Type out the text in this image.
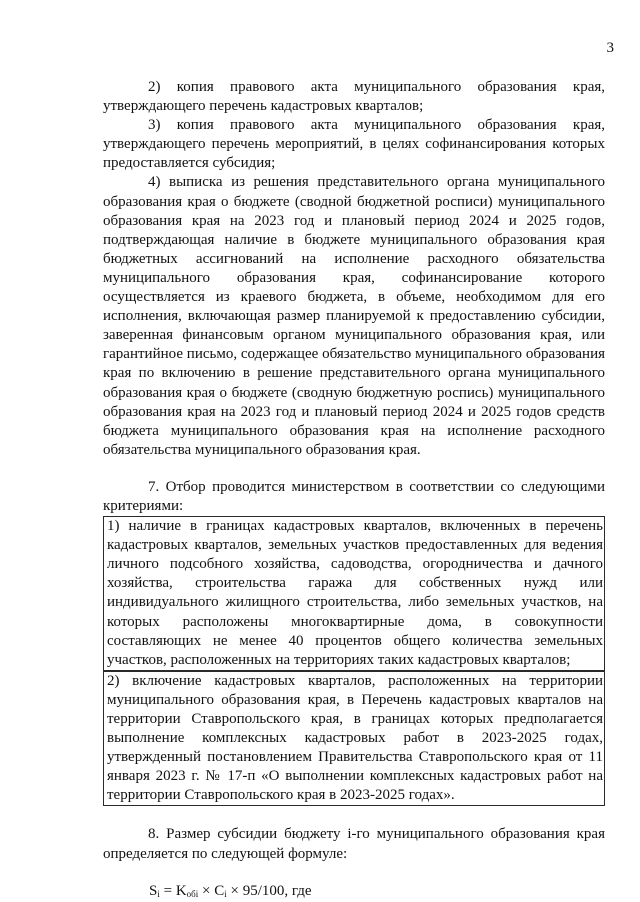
3

2) копия правового акта муниципального образования края, утверждающего перечень кадастровых кварталов;

3) копия правового акта муниципального образования края, утверждающего перечень мероприятий, в целях софинансирования которых предоставляется субсидия;

4) выписка из решения представительного органа муниципального образования края о бюджете (сводной бюджетной росписи) муниципального образования края на 2023 год и плановый период 2024 и 2025 годов, подтверждающая наличие в бюджете муниципального образования края бюджетных ассигнований на исполнение расходного обязательства муниципального образования края, софинансирование которого осуществляется из краевого бюджета, в объеме, необходимом для его исполнения, включающая размер планируемой к предоставлению субсидии, заверенная финансовым органом муниципального образования края, или гарантийное письмо, содержащее обязательство муниципального образования края по включению в решение представительного органа муниципального образования края о бюджете (сводную бюджетную роспись) муниципального образования края на 2023 год и плановый период 2024 и 2025 годов средств бюджета муниципального образования края на исполнение расходного обязательства муниципального образования края.

7. Отбор проводится министерством в соответствии со следующими критериями:

1) наличие в границах кадастровых кварталов, включенных в перечень кадастровых кварталов, земельных участков предоставленных для ведения личного подсобного хозяйства, садоводства, огородничества и дачного хозяйства, строительства гаража для собственных нужд или индивидуального жилищного строительства, либо земельных участков, на которых расположены многоквартирные дома, в совокупности составляющих не менее 40 процентов общего количества земельных участков, расположенных на территориях таких кадастровых кварталов;

2) включение кадастровых кварталов, расположенных на территории муниципального образования края, в Перечень кадастровых кварталов на территории Ставропольского края, в границах которых предполагается выполнение комплексных кадастровых работ в 2023-2025 годах, утвержденный постановлением Правительства Ставропольского края от 11 января 2023 г. № 17-п «О выполнении комплексных кадастровых работ на территории Ставропольского края в 2023-2025 годах».

8. Размер субсидии бюджету i-го муниципального образования края определяется по следующей формуле:

$S_i = K_{обi} \times C_i \times 95/100$, где
